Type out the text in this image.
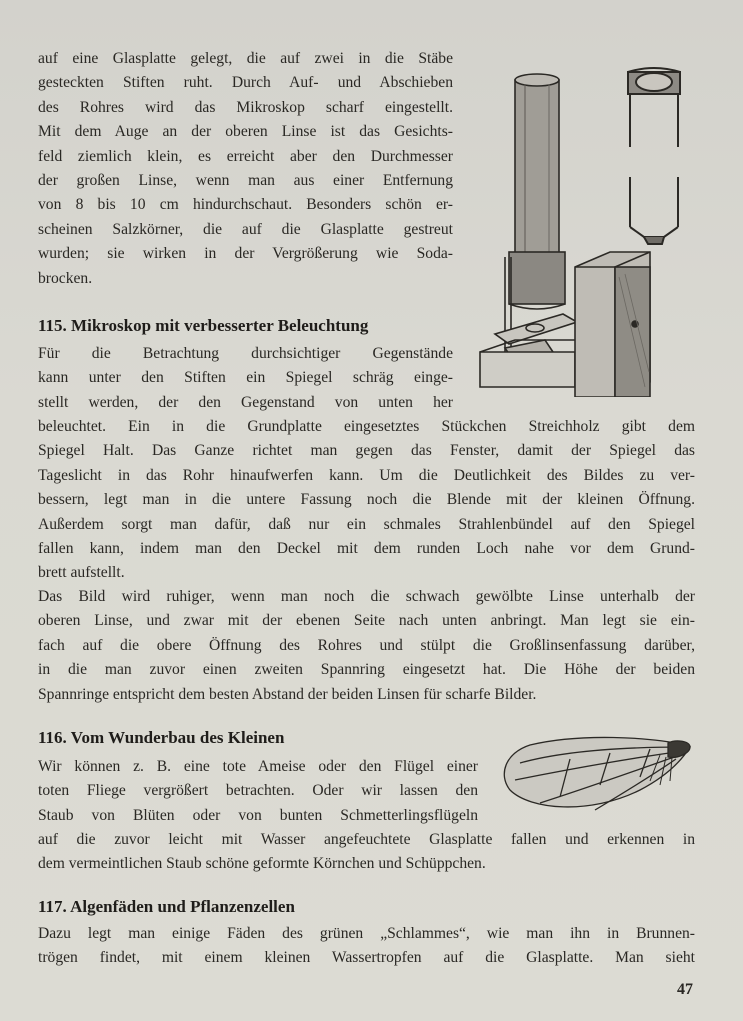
auf eine Glasplatte gelegt, die auf zwei in die Stäbe
gesteckten Stiften ruht. Durch Auf- und Abschieben
des Rohres wird das Mikroskop scharf eingestellt.
Mit dem Auge an der oberen Linse ist das Gesichts-
feld ziemlich klein, es erreicht aber den Durchmesser
der großen Linse, wenn man aus einer Entfernung
von 8 bis 10 cm hindurchschaut. Besonders schön er-
scheinen Salzkörner, die auf die Glasplatte gestreut
wurden; sie wirken in der Vergrößerung wie Soda-
brocken.
115. Mikroskop mit verbesserter Beleuchtung
Für die Betrachtung durchsichtiger Gegenstände
kann unter den Stiften ein Spiegel schräg einge-
stellt werden, der den Gegenstand von unten her
beleuchtet. Ein in die Grundplatte eingesetztes Stückchen Streichholz gibt dem
Spiegel Halt. Das Ganze richtet man gegen das Fenster, damit der Spiegel das
Tageslicht in das Rohr hinaufwerfen kann. Um die Deutlichkeit des Bildes zu ver-
bessern, legt man in die untere Fassung noch die Blende mit der kleinen Öffnung.
Außerdem sorgt man dafür, daß nur ein schmales Strahlenbündel auf den Spiegel
fallen kann, indem man den Deckel mit dem runden Loch nahe vor dem Grund-
brett aufstellt.
Das Bild wird ruhiger, wenn man noch die schwach gewölbte Linse unterhalb der
oberen Linse, und zwar mit der ebenen Seite nach unten anbringt. Man legt sie ein-
fach auf die obere Öffnung des Rohres und stülpt die Großlinsenfassung darüber,
in die man zuvor einen zweiten Spannring eingesetzt hat. Die Höhe der beiden
Spannringe entspricht dem besten Abstand der beiden Linsen für scharfe Bilder.
116. Vom Wunderbau des Kleinen
Wir können z. B. eine tote Ameise oder den Flügel einer
toten Fliege vergrößert betrachten. Oder wir lassen den
Staub von Blüten oder von bunten Schmetterlingsflügeln
auf die zuvor leicht mit Wasser angefeuchtete Glasplatte fallen und erkennen in
dem vermeintlichen Staub schöne geformte Körnchen und Schüppchen.
117. Algenfäden und Pflanzenzellen
Dazu legt man einige Fäden des grünen „Schlammes“, wie man ihn in Brunnen-
trögen findet, mit einem kleinen Wassertropfen auf die Glasplatte. Man sieht
47
